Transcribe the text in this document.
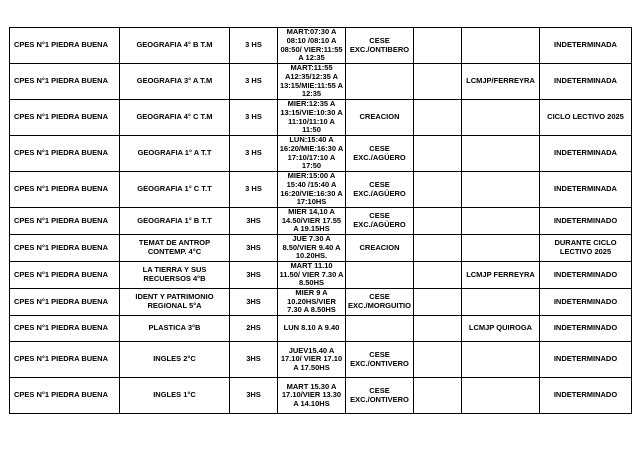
CPES N°1 PIEDRA BUENA	GEOGRAFIA 4° B T.M	3 HS	MART:07:30 A
08:10 /08:10 A
08:50/ VIER:11:55
A 12:35	CESE
EXC./ONTIBERO			INDETERMINADA
CPES N°1 PIEDRA BUENA	GEOGRAFIA 3° A T.M	3 HS	MART:11:55
A12:35/12:35 A
13:15/MIE:11:55 A
12:35			LCMJP/FERREYRA	INDETERMINADA
CPES N°1 PIEDRA BUENA	GEOGRAFIA 4° C T.M	3 HS	MIER:12:35 A
13:15/VIE:10:30 A
11:10/11:10 A
11:50	CREACION			CICLO LECTIVO 2025
CPES N°1 PIEDRA BUENA	GEOGRAFIA 1° A T.T	3 HS	LUN:15:40 A
16:20/MIE:16:30 A
17:10/17:10 A
17:50	CESE
EXC./AGÜERO			INDETERMINADA
CPES N°1 PIEDRA BUENA	GEOGRAFIA 1° C T.T	3 HS	MIER:15:00 A
15:40 /15:40 A
16:20/VIE:16:30 A
17:10HS	CESE
EXC./AGÜERO			INDETERMINADA
CPES N°1 PIEDRA BUENA	GEOGRAFIA 1° B T.T	3HS	MIER 14,10 A
14.50/VIER 17.55
A 19.15HS	CESE
EXC./AGÜERO			INDETERMINADO
CPES N°1 PIEDRA BUENA	TEMAT DE ANTROP
CONTEMP. 4°C	3HS	JUE 7.30 A
8.50/VIER 9.40 A
10.20HS.	CREACION			DURANTE CICLO
LECTIVO 2025
CPES N°1 PIEDRA BUENA	LA TIERRA Y SUS
RECUERSOS 4°B	3HS	MART 11.10
11.50/ VIER 7.30 A
8.50HS			LCMJP FERREYRA	INDETERMINADO
CPES N°1 PIEDRA BUENA	IDENT Y PATRIMONIO
REGIONAL 5°A	3HS	MIER 9 A
10.20HS/VIER
7.30 A 8.50HS	CESE
EXC./MORGUITIO			INDETERMINADO
CPES N°1 PIEDRA BUENA	PLASTICA 3°B	2HS	LUN 8.10 A 9.40			LCMJP QUIROGA	INDETERMINADO
CPES N°1 PIEDRA BUENA	INGLES 2°C	3HS	JUEV15.40 A
17.10/ VIER 17.10
A 17.50HS	CESE
EXC./ONTIVERO			INDETERMINADO
CPES N°1 PIEDRA BUENA	INGLES 1°C	3HS	MART 15.30 A
17.10/VIER 13.30
A 14.10HS	CESE
EXC./ONTIVERO			INDETERMINADO
